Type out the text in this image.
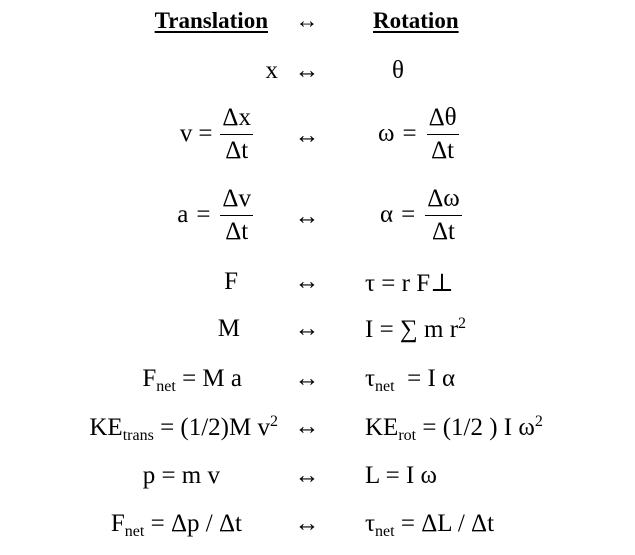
Translation ↔ Rotation
x ↔	θ
$v = \frac{\Delta x}{\Delta t}$ ↔ $\omega = \frac{\Delta\theta}{\Delta t}$
$a = \frac{\Delta v}{\Delta t}$ ↔ $\alpha = \frac{\Delta\omega}{\Delta t}$
F ↔ τ = r F⊥
M ↔ I = ∑ m $r^2$
$F_{net} = M$ a ↔ $\tau_{net} = I$ α
$KE_{trans} = (1/2)M$ $v^2$ ↔ $KE_{rot} = (1/2$ ) I $\omega^2$
p = m v	↔ L = I ω
$F_{net} = \Delta p / \Delta t$ ↔ $\tau_{net} = \Delta L / \Delta t$
